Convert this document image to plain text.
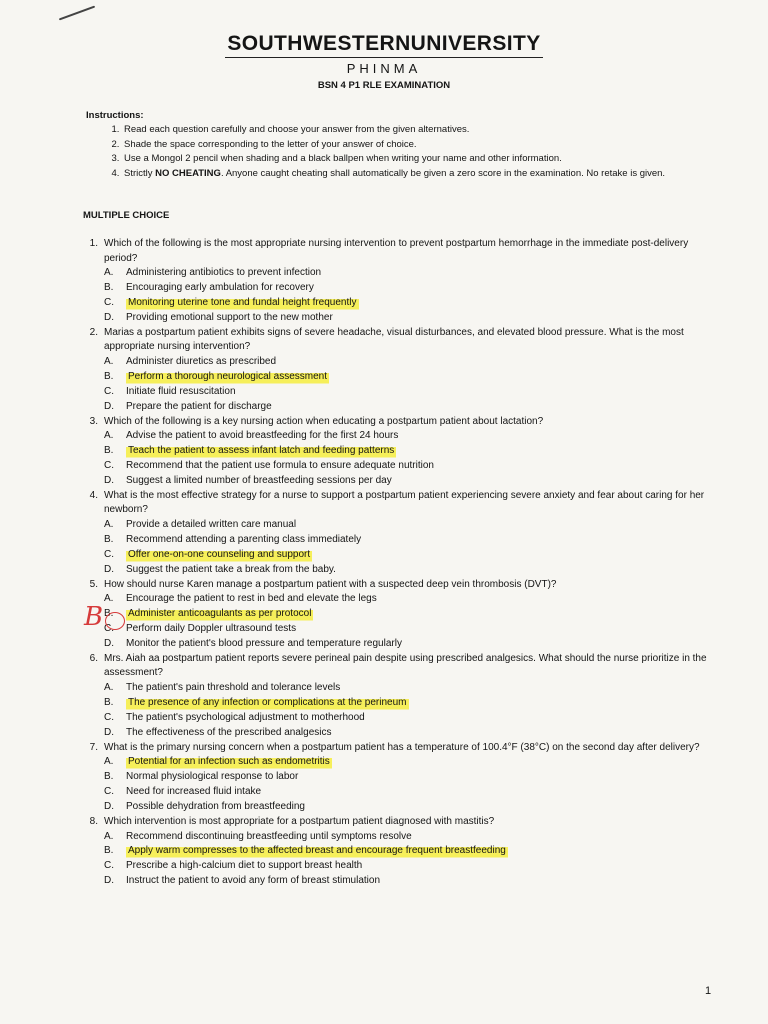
SOUTHWESTERNUNIVERSITY
PHINMA
BSN 4 P1 RLE EXAMINATION
Instructions:
1. Read each question carefully and choose your answer from the given alternatives.
2. Shade the space corresponding to the letter of your answer of choice.
3. Use a Mongol 2 pencil when shading and a black ballpen when writing your name and other information.
4. Strictly NO CHEATING. Anyone caught cheating shall automatically be given a zero score in the examination. No retake is given.
MULTIPLE CHOICE
1. Which of the following is the most appropriate nursing intervention to prevent postpartum hemorrhage in the immediate post-delivery period?
A.	Administering antibiotics to prevent infection
B.	Encouraging early ambulation for recovery
C.	Monitoring uterine tone and fundal height frequently
D.	Providing emotional support to the new mother
2. Marias a postpartum patient exhibits signs of severe headache, visual disturbances, and elevated blood pressure. What is the most appropriate nursing intervention?
A.	Administer diuretics as prescribed
B.	Perform a thorough neurological assessment
C.	Initiate fluid resuscitation
D.	Prepare the patient for discharge
3. Which of the following is a key nursing action when educating a postpartum patient about lactation?
A.	Advise the patient to avoid breastfeeding for the first 24 hours
B.	Teach the patient to assess infant latch and feeding patterns
C.	Recommend that the patient use formula to ensure adequate nutrition
D.	Suggest a limited number of breastfeeding sessions per day
4. What is the most effective strategy for a nurse to support a postpartum patient experiencing severe anxiety and fear about caring for her newborn?
A.	Provide a detailed written care manual
B.	Recommend attending a parenting class immediately
C.	Offer one-on-one counseling and support
D.	Suggest the patient take a break from the baby.
5. How should nurse Karen manage a postpartum patient with a suspected deep vein thrombosis (DVT)?
A.	Encourage the patient to rest in bed and elevate the legs
B.	Administer anticoagulants as per protocol
C.	Perform daily Doppler ultrasound tests
D.	Monitor the patient's blood pressure and temperature regularly
6. Mrs. Aiah aa postpartum patient reports severe perineal pain despite using prescribed analgesics. What should the nurse prioritize in the assessment?
A.	The patient's pain threshold and tolerance levels
B.	The presence of any infection or complications at the perineum
C.	The patient's psychological adjustment to motherhood
D.	The effectiveness of the prescribed analgesics
7. What is the primary nursing concern when a postpartum patient has a temperature of 100.4°F (38°C) on the second day after delivery?
A.	Potential for an infection such as endometritis
B.	Normal physiological response to labor
C.	Need for increased fluid intake
D.	Possible dehydration from breastfeeding
8. Which intervention is most appropriate for a postpartum patient diagnosed with mastitis?
A.	Recommend discontinuing breastfeeding until symptoms resolve
B.	Apply warm compresses to the affected breast and encourage frequent breastfeeding
C.	Prescribe a high-calcium diet to support breast health
D.	Instruct the patient to avoid any form of breast stimulation
B
1
